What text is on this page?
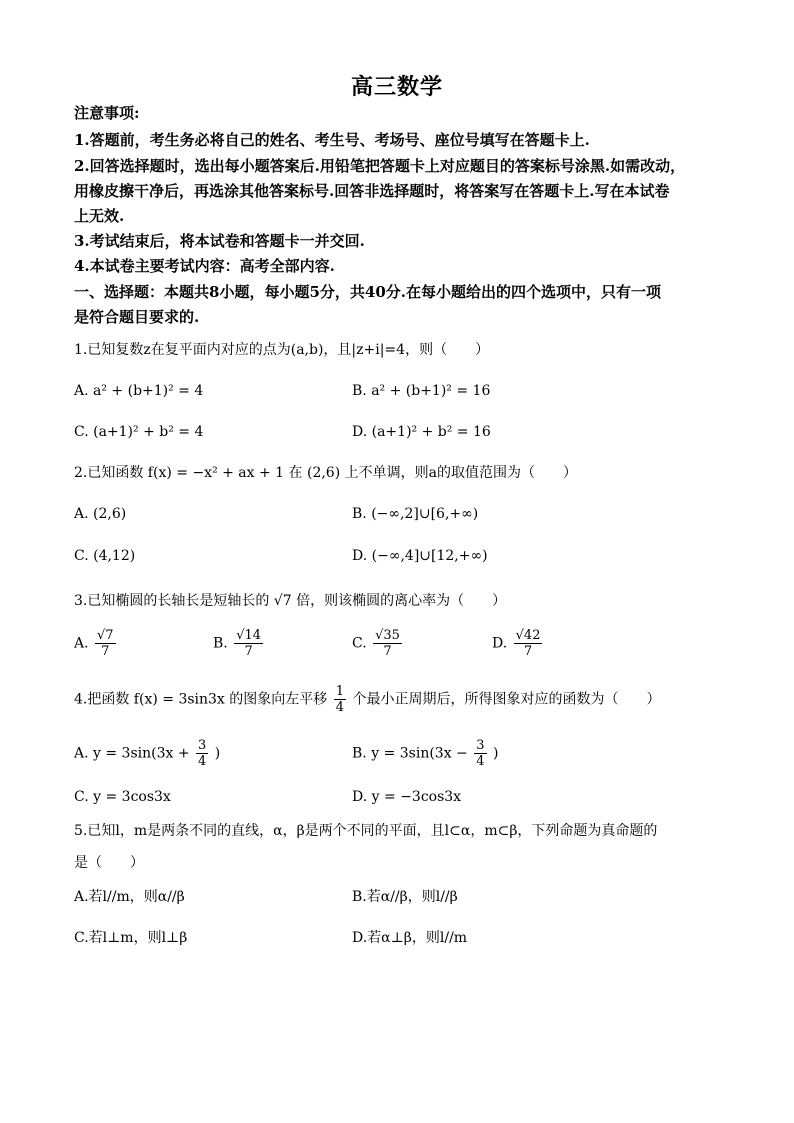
高三数学
注意事项:
1.答题前，考生务必将自己的姓名、考生号、考场号、座位号填写在答题卡上.
2.回答选择题时，选出每小题答案后.用铅笔把答题卡上对应题目的答案标号涂黑.如需改动，
用橡皮擦干净后，再选涂其他答案标号.回答非选择题时，将答案写在答题卡上.写在本试卷
上无效.
3.考试结束后，将本试卷和答题卡一并交回.
4.本试卷主要考试内容：高考全部内容.
一、选择题：本题共8小题，每小题5分，共40分.在每小题给出的四个选项中，只有一项
是符合题目要求的.
1.已知复数z在复平面内对应的点为(a,b)，且|z+i|=4，则（　　）
A. a² + (b+1)² = 4	B. a² + (b+1)² = 16
C. (a+1)² + b² = 4	D. (a+1)² + b² = 16
2.已知函数 f(x) = −x² + ax + 1 在 (2,6) 上不单调，则a的取值范围为（　　）
A. (2,6)	B. (−∞,2]∪[6,+∞)
C. (4,12)	D. (−∞,4]∪[12,+∞)
3.已知椭圆的长轴长是短轴长的 √7 倍，则该椭圆的离心率为（　　）
A. $\frac{√7}{7}$	B. $\frac{√14}{7}$	C. $\frac{√35}{7}$	D. $\frac{√42}{7}$
4.把函数 f(x) = 3sin3x 的图象向左平移 $\frac{1}{4}$ 个最小正周期后，所得图象对应的函数为（　　）
A. $y = 3\sin(3x + \frac{3}{4}$ )	B. $y = 3\sin(3x - \frac{3}{4}$ )
C. y = 3cos3x	D. y = −3cos3x
5.已知l，m是两条不同的直线，α，β是两个不同的平面，且l⊂α，m⊂β，下列命题为真命题的
是（　　）
A.若l//m，则α//β	B.若α//β，则l//β
C.若l⊥m，则l⊥β	D.若α⊥β，则l//m
